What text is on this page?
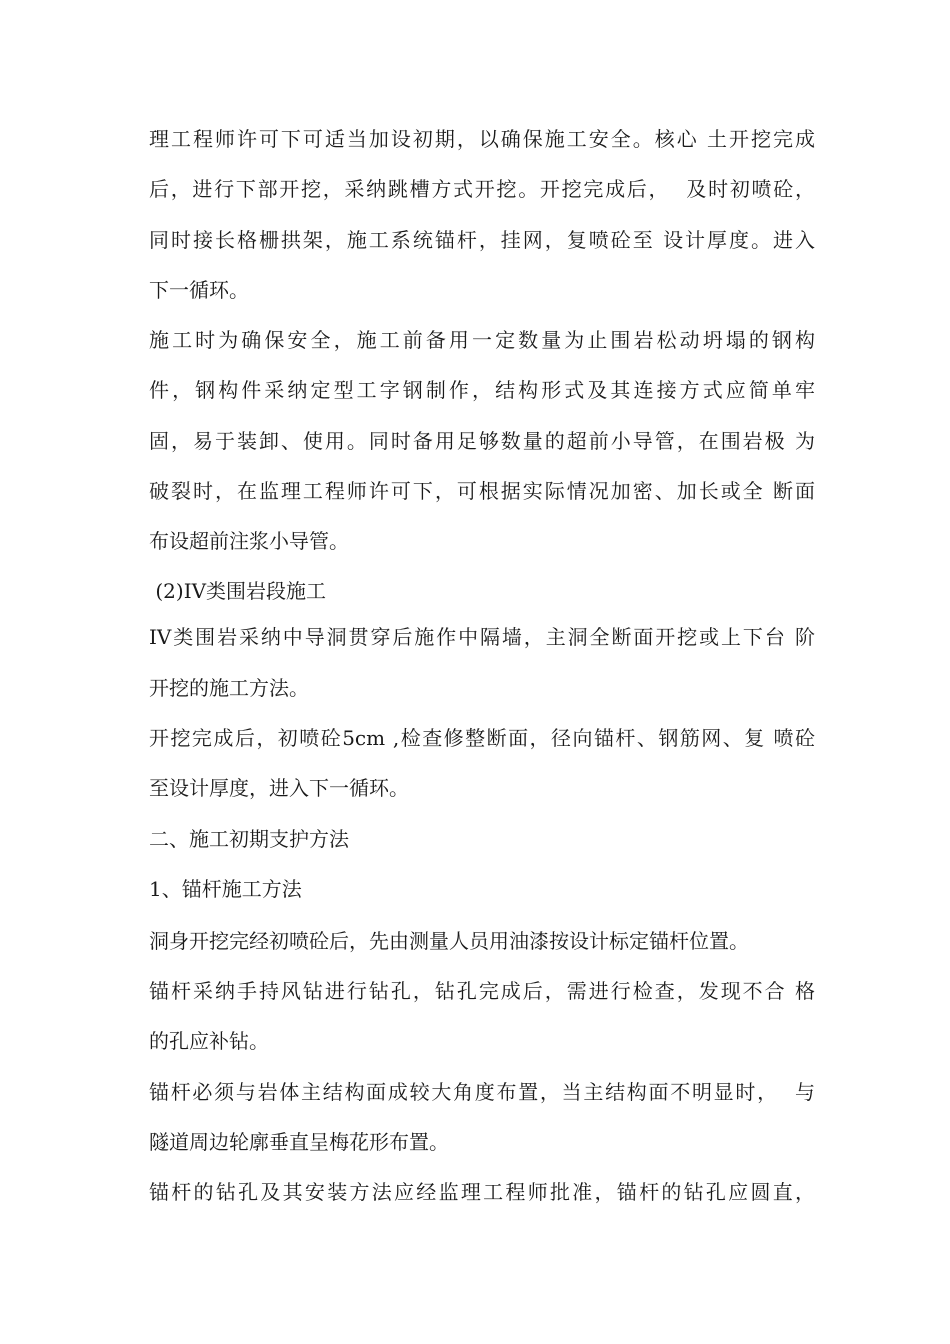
理工程师许可下可适当加设初期，以确保施工安全。核心 土开挖完成

后，进行下部开挖，采纳跳槽方式开挖。开挖完成后，  及时初喷砼，

同时接长格栅拱架，施工系统锚杆，挂网，复喷砼至 设计厚度。进入

下一循环。

施工时为确保安全，施工前备用一定数量为止围岩松动坍塌的钢构

件，钢构件采纳定型工字钢制作，结构形式及其连接方式应简单牢

固，易于装卸、使用。同时备用足够数量的超前小导管，在围岩极 为

破裂时，在监理工程师许可下，可根据实际情况加密、加长或全 断面

布设超前注浆小导管。

(2)IV类围岩段施工

IV类围岩采纳中导洞贯穿后施作中隔墙，主洞全断面开挖或上下台 阶

开挖的施工方法。

开挖完成后，初喷砼5cm ,检查修整断面，径向锚杆、钢筋网、复 喷砼

至设计厚度，进入下一循环。

二、施工初期支护方法

1、锚杆施工方法

洞身开挖完经初喷砼后，先由测量人员用油漆按设计标定锚杆位置。

锚杆采纳手持风钻进行钻孔，钻孔完成后，需进行检查，发现不合 格

的孔应补钻。

锚杆必须与岩体主结构面成较大角度布置，当主结构面不明显时，  与

隧道周边轮廓垂直呈梅花形布置。

锚杆的钻孔及其安装方法应经监理工程师批准，锚杆的钻孔应圆直，
